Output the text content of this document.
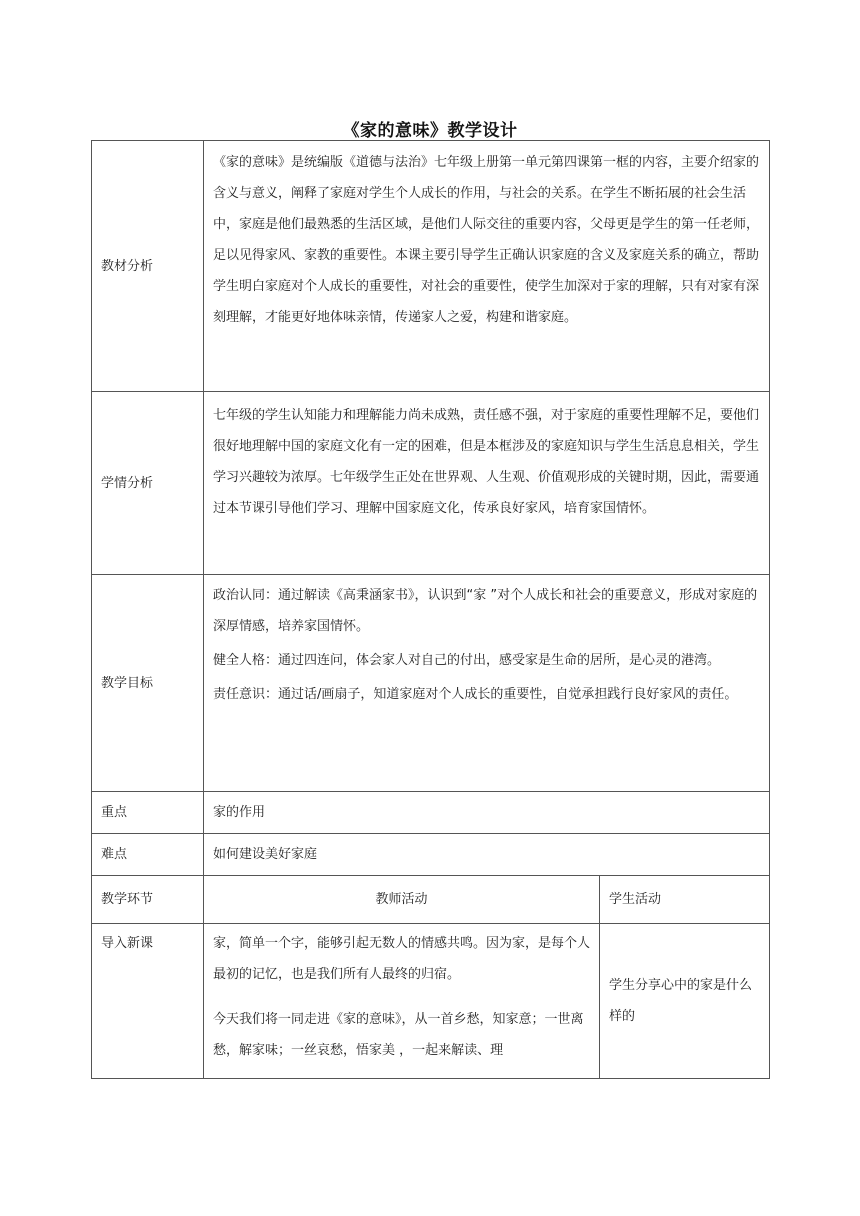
《家的意味》教学设计
教材分析	《家的意味》是统编版《道德与法治》七年级上册第一单元第四课第一框的内容，主要介绍家的含义与意义，阐释了家庭对学生个人成长的作用，与社会的关系。在学生不断拓展的社会生活中，家庭是他们最熟悉的生活区域，是他们人际交往的重要内容，父母更是学生的第一任老师，足以见得家风、家教的重要性。本课主要引导学生正确认识家庭的含义及家庭关系的确立，帮助学生明白家庭对个人成长的重要性，对社会的重要性，使学生加深对于家的理解，只有对家有深刻理解，才能更好地体味亲情，传递家人之爱，构建和谐家庭。	
学情分析	七年级的学生认知能力和理解能力尚未成熟，责任感不强，对于家庭的重要性理解不足，要他们很好地理解中国的家庭文化有一定的困难，但是本框涉及的家庭知识与学生生活息息相关，学生学习兴趣较为浓厚。七年级学生正处在世界观、人生观、价值观形成的关键时期，因此，需要通过本节课引导他们学习、理解中国家庭文化，传承良好家风，培育家国情怀。	
教学目标	政治认同：通过解读《高秉涵家书》，认识到“家 ”对个人成长和社会的重要意义，形成对家庭的深厚情感，培养家国情怀。

健全人格：通过四连问，体会家人对自己的付出，感受家是生命的居所，是心灵的港湾。

责任意识：通过话/画扇子，知道家庭对个人成长的重要性，自觉承担践行良好家风的责任。	

重点	家的作用	
难点	如何建设美好家庭	
教学环节	教师活动	学生活动
导入新课	家，简单一个字，能够引起无数人的情感共鸣。因为家，是每个人最初的记忆，也是我们所有人最终的归宿。

今天我们将一同走进《家的意味》，从一首乡愁，知家意；一世离愁，解家味；一丝哀愁，悟家美 ，一起来解读、理	学生分享心中的家是什么样的
